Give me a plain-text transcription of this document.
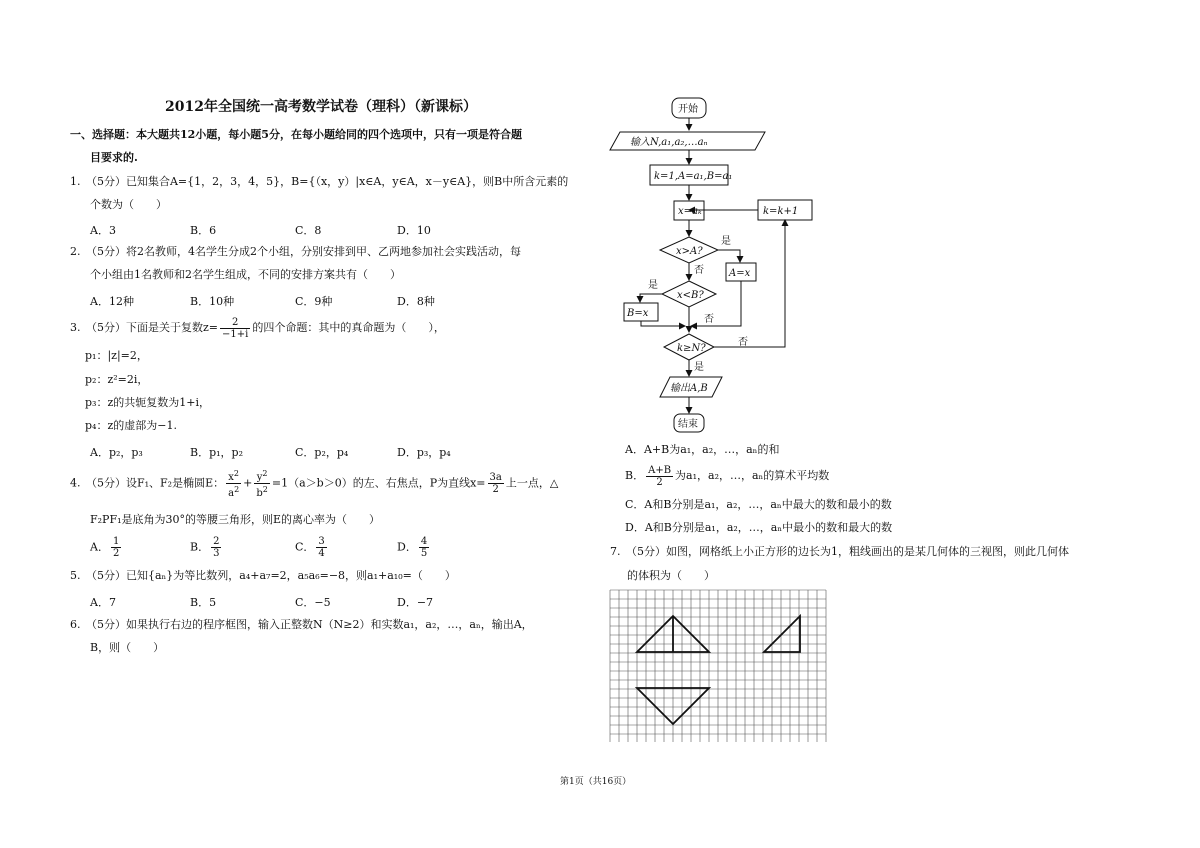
2012年全国统一高考数学试卷（理科）（新课标）
一、选择题：本大题共12小题，每小题5分，在每小题给同的四个选项中，只有一项是符合题
目要求的.
1.　（5分）已知集合A={1，2，3，4，5}，B={（x，y）|x∈A，y∈A，x－y∈A}，则B中所含元素的
个数为（　　）
A．3	B．6	C．8	D．10
2.　（5分）将2名教师，4名学生分成2个小组，分别安排到甲、乙两地参加社会实践活动，每
个小组由1名教师和2名学生组成，不同的安排方案共有（　　）
A．12种	B．10种	C．9种	D．8种
3.　（5分）下面是关于复数$z= \frac{2}{-1+i}$ 的四个命题：其中的真命题为（　　），
p₁：|z|=2，
p₂：z²=2i，
p₃：z的共轭复数为1+i，
p₄：z的虚部为−1.
A．p₂，p₃	B．p₁，p₂	C．p₂，p₄	D．p₃，p₄
4.　（5分）设F₁、F₂是椭圆E： $\frac{x^2}{a^2} + \frac{y^2}{b^2} =1(a>b>0)$的左、右焦点，P为直线$x= \frac{3a}{2}$ 上一点，△
F₂PF₁是底角为30°的等腰三角形，则E的离心率为（　　）
A． $\frac{1}{2}$	B． $\frac{2}{3}$	C． $\frac{3}{4}$	D． $\frac{4}{5}$
5.　（5分）已知{aₙ}为等比数列，a₄+a₇=2，a₅a₆=−8，则a₁+a₁₀=（　　）
A．7	B．5	C．−5	D．−7
6.　（5分）如果执行右边的程序框图，输入正整数N（N≥2）和实数a₁，a₂，…，aₙ，输出A，
B，则（　　）
开始
输入N,a₁,a₂,…aₙ
k=1,A=a₁,B=a₁
x=aₖ
x>A?
是
否	A=x
x<B?
是
否
B=x
k≥N?
是
否
k=k+1
输出A,B
结束
A．A+B为a₁，a₂，…，aₙ的和
B． $\frac{A+B}{2}$ 为a₁，a₂，…，aₙ的算术平均数
C．A和B分别是a₁，a₂，…，aₙ中最大的数和最小的数
D．A和B分别是a₁，a₂，…，aₙ中最小的数和最大的数
7.　（5分）如图，网格纸上小正方形的边长为1，粗线画出的是某几何体的三视图，则此几何体
的体积为（　　）
第1页（共16页）
